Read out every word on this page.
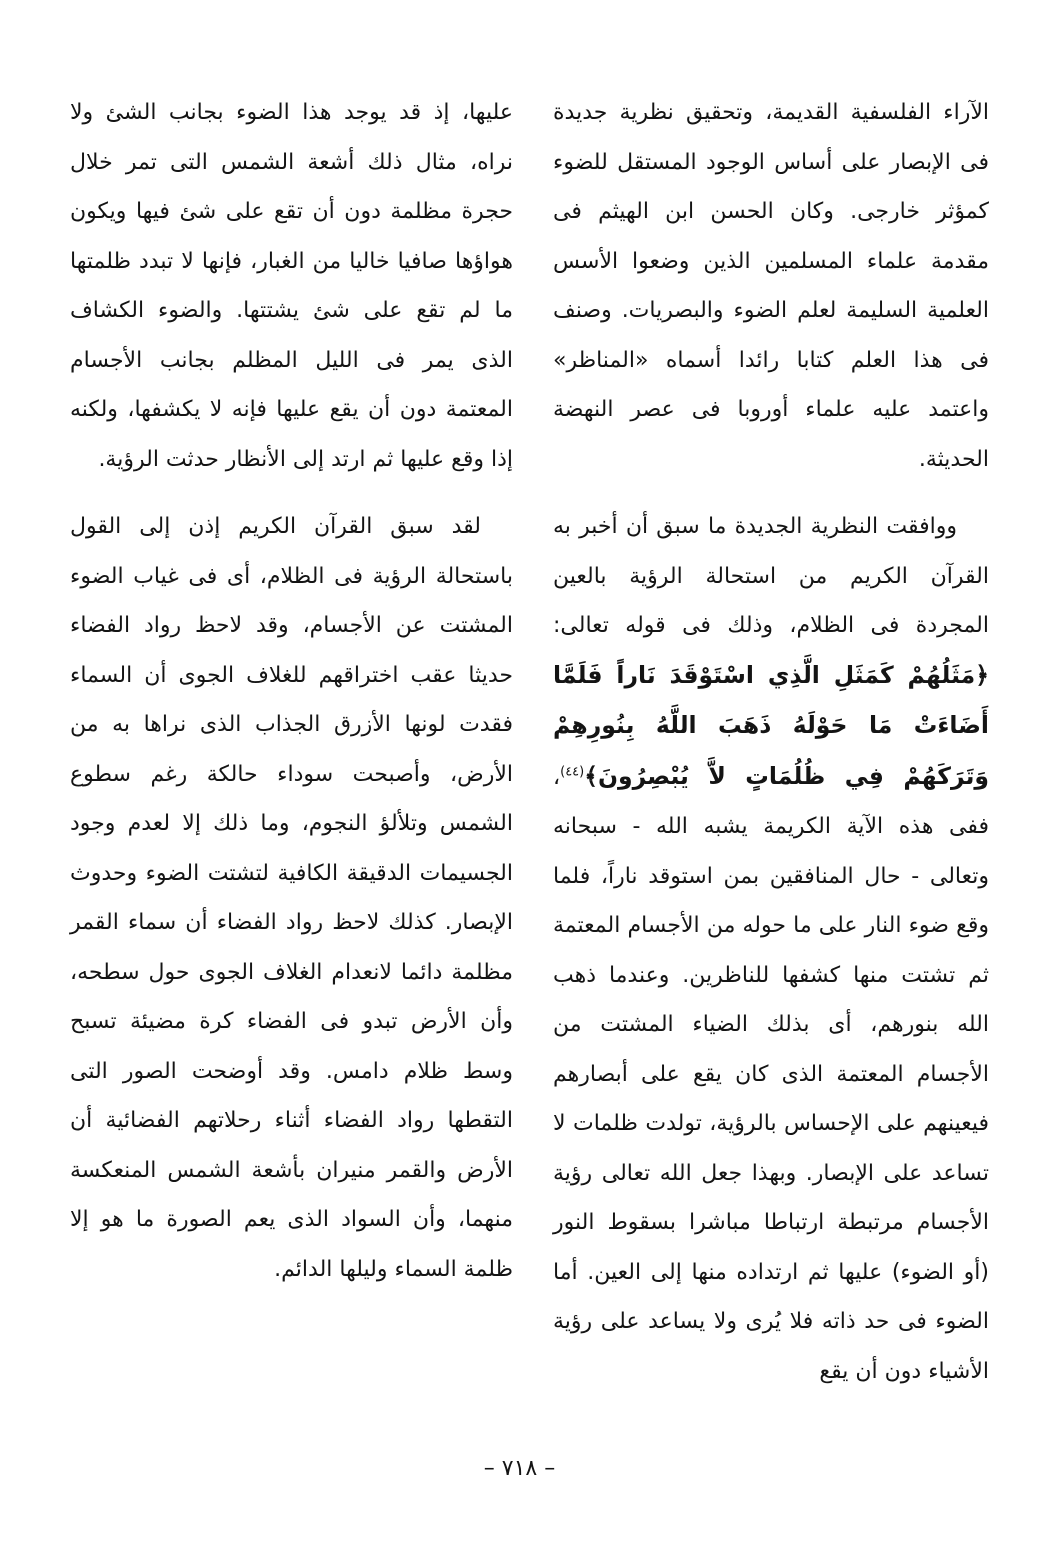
الآراء الفلسفية القديمة، وتحقيق نظرية جديدة فى الإبصار على أساس الوجود المستقل للضوء كمؤثر خارجى. وكان الحسن ابن الهيثم فى مقدمة علماء المسلمين الذين وضعوا الأسس العلمية السليمة لعلم الضوء والبصريات. وصنف فى هذا العلم كتابا رائدا أسماه «المناظر» واعتمد عليه علماء أوروبا فى عصر النهضة الحديثة.

ووافقت النظرية الجديدة ما سبق أن أخبر به القرآن الكريم من استحالة الرؤية بالعين المجردة فى الظلام، وذلك فى قوله تعالى: ﴿مَثَلُهُمْ كَمَثَلِ الَّذِي اسْتَوْقَدَ نَاراً فَلَمَّا أَضَاءَتْ مَا حَوْلَهُ ذَهَبَ اللَّهُ بِنُورِهِمْ وَتَرَكَهُمْ فِي ظُلُمَاتٍ لاَّ يُبْصِرُونَ﴾$^{(٤٤)}$، ففى هذه الآية الكريمة يشبه الله - سبحانه وتعالى - حال المنافقين بمن استوقد ناراً، فلما وقع ضوء النار على ما حوله من الأجسام المعتمة ثم تشتت منها كشفها للناظرين. وعندما ذهب الله بنورهم، أى بذلك الضياء المشتت من الأجسام المعتمة الذى كان يقع على أبصارهم فيعينهم على الإحساس بالرؤية، تولدت ظلمات لا تساعد على الإبصار. وبهذا جعل الله تعالى رؤية الأجسام مرتبطة ارتباطا مباشرا بسقوط النور (أو الضوء) عليها ثم ارتداده منها إلى العين. أما الضوء فى حد ذاته فلا يُرى ولا يساعد على رؤية الأشياء دون أن يقع

عليها، إذ قد يوجد هذا الضوء بجانب الشئ ولا نراه، مثال ذلك أشعة الشمس التى تمر خلال حجرة مظلمة دون أن تقع على شئ فيها ويكون هواؤها صافيا خاليا من الغبار، فإنها لا تبدد ظلمتها ما لم تقع على شئ يشتتها. والضوء الكشاف الذى يمر فى الليل المظلم بجانب الأجسام المعتمة دون أن يقع عليها فإنه لا يكشفها، ولكنه إذا وقع عليها ثم ارتد إلى الأنظار حدثت الرؤية.

لقد سبق القرآن الكريم إذن إلى القول باستحالة الرؤية فى الظلام، أى فى غياب الضوء المشتت عن الأجسام، وقد لاحظ رواد الفضاء حديثا عقب اختراقهم للغلاف الجوى أن السماء فقدت لونها الأزرق الجذاب الذى نراها به من الأرض، وأصبحت سوداء حالكة رغم سطوع الشمس وتلألؤ النجوم، وما ذلك إلا لعدم وجود الجسيمات الدقيقة الكافية لتشتت الضوء وحدوث الإبصار. كذلك لاحظ رواد الفضاء أن سماء القمر مظلمة دائما لانعدام الغلاف الجوى حول سطحه، وأن الأرض تبدو فى الفضاء كرة مضيئة تسبح وسط ظلام دامس. وقد أوضحت الصور التى التقطها رواد الفضاء أثناء رحلاتهم الفضائية أن الأرض والقمر منيران بأشعة الشمس المنعكسة منهما، وأن السواد الذى يعم الصورة ما هو إلا ظلمة السماء وليلها الدائم.

– ٧١٨ –
